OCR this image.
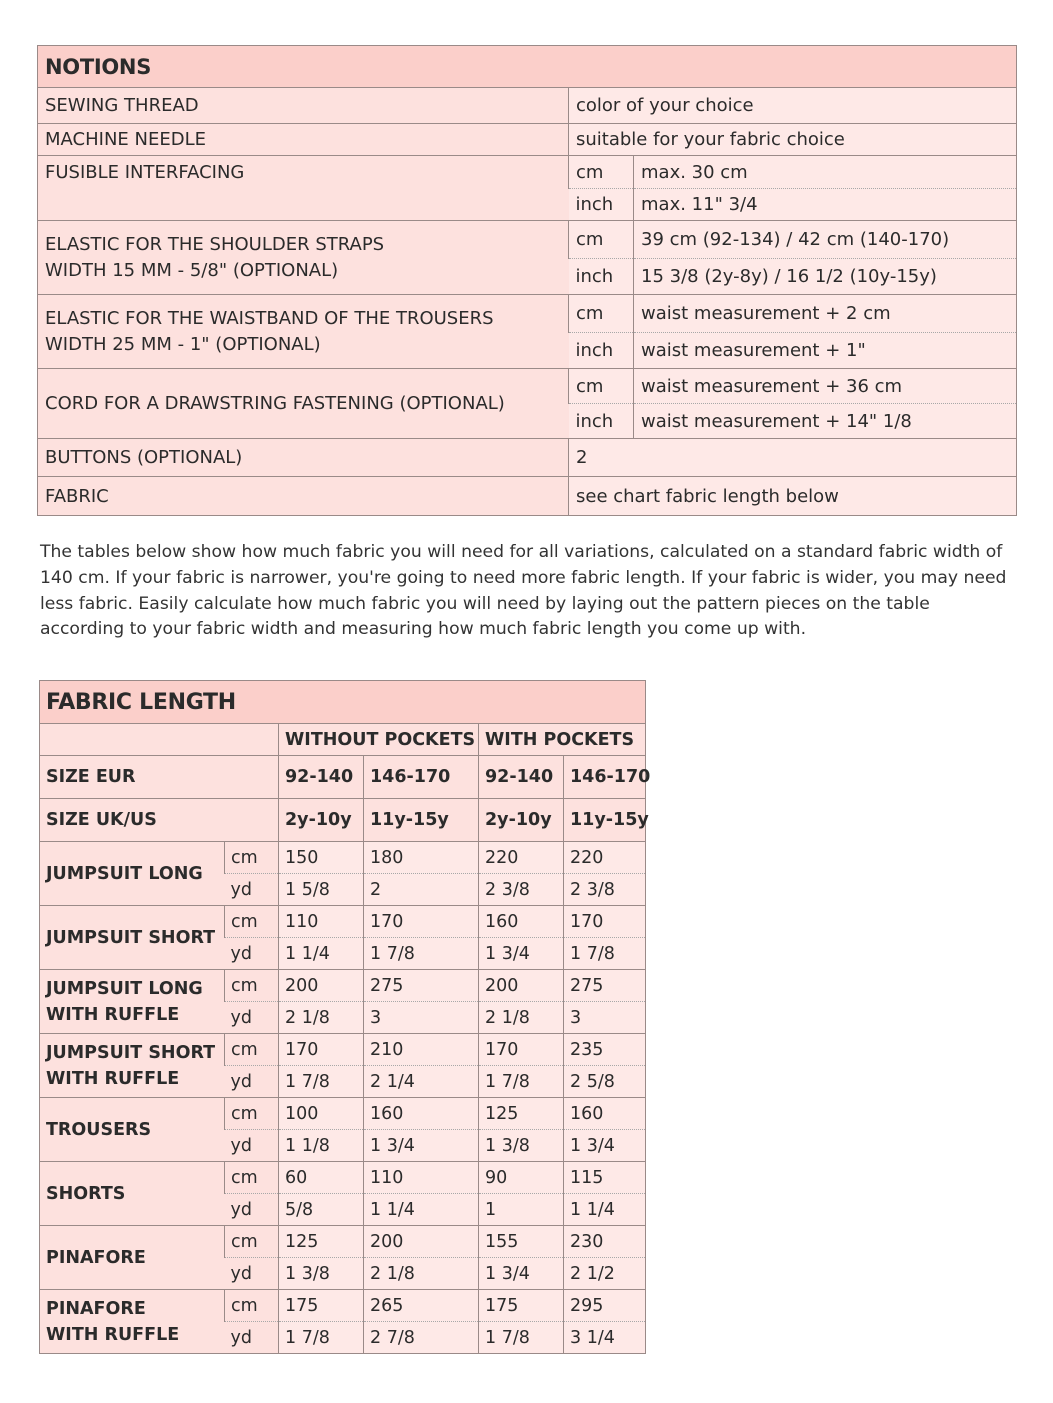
NOTIONS		
SEWING THREAD	color of your choice	
MACHINE NEEDLE	suitable for your fabric choice	
FUSIBLE INTERFACING	cm	max. 30 cm
	inch	max. 11" 3/4

ELASTIC FOR THE SHOULDER STRAPS
WIDTH 15 MM - 5/8" (OPTIONAL)	cm	39 cm (92-134) / 42 cm (140-170)
	inch	15 3/8 (2y-8y) / 16 1/2 (10y-15y)

ELASTIC FOR THE WAISTBAND OF THE TROUSERS
WIDTH 25 MM - 1" (OPTIONAL)	cm	waist measurement + 2 cm
	inch	waist measurement + 1"
CORD FOR A DRAWSTRING FASTENING (OPTIONAL)	cm	waist measurement + 36 cm
	inch	waist measurement + 14" 1/8
BUTTONS (OPTIONAL)	2	
FABRIC	see chart fabric length below	

The tables below show how much fabric you will need for all variations, calculated on a standard fabric width of 140 cm. If your fabric is narrower, you're going to need more fabric length. If your fabric is wider, you may need less fabric. Easily calculate how much fabric you will need by laying out the pattern pieces on the table according to your fabric width and measuring how much fabric length you come up with.

FABRIC LENGTH					
		WITHOUT POCKETS		WITH POCKETS	
SIZE EUR		92-140	146-170	92-140	146-170
SIZE UK/US		2y-10y	11y-15y	2y-10y	11y-15y

JUMPSUIT LONG	cm	150	180	220	220
	yd	1 5/8	2	2 3/8	2 3/8

JUMPSUIT SHORT	cm	110	170	160	170
	yd	1 1/4	1 7/8	1 3/4	1 7/8

JUMPSUIT LONG
WITH RUFFLE	cm	200	275	200	275
	yd	2 1/8	3	2 1/8	3

JUMPSUIT SHORT
WITH RUFFLE	cm	170	210	170	235
	yd	1 7/8	2 1/4	1 7/8	2 5/8

TROUSERS	cm	100	160	125	160
	yd	1 1/8	1 3/4	1 3/8	1 3/4

SHORTS	cm	60	110	90	115
	yd	5/8	1 1/4	1	1 1/4

PINAFORE	cm	125	200	155	230
	yd	1 3/8	2 1/8	1 3/4	2 1/2

PINAFORE
WITH RUFFLE	cm	175	265	175	295
	yd	1 7/8	2 7/8	1 7/8	3 1/4
